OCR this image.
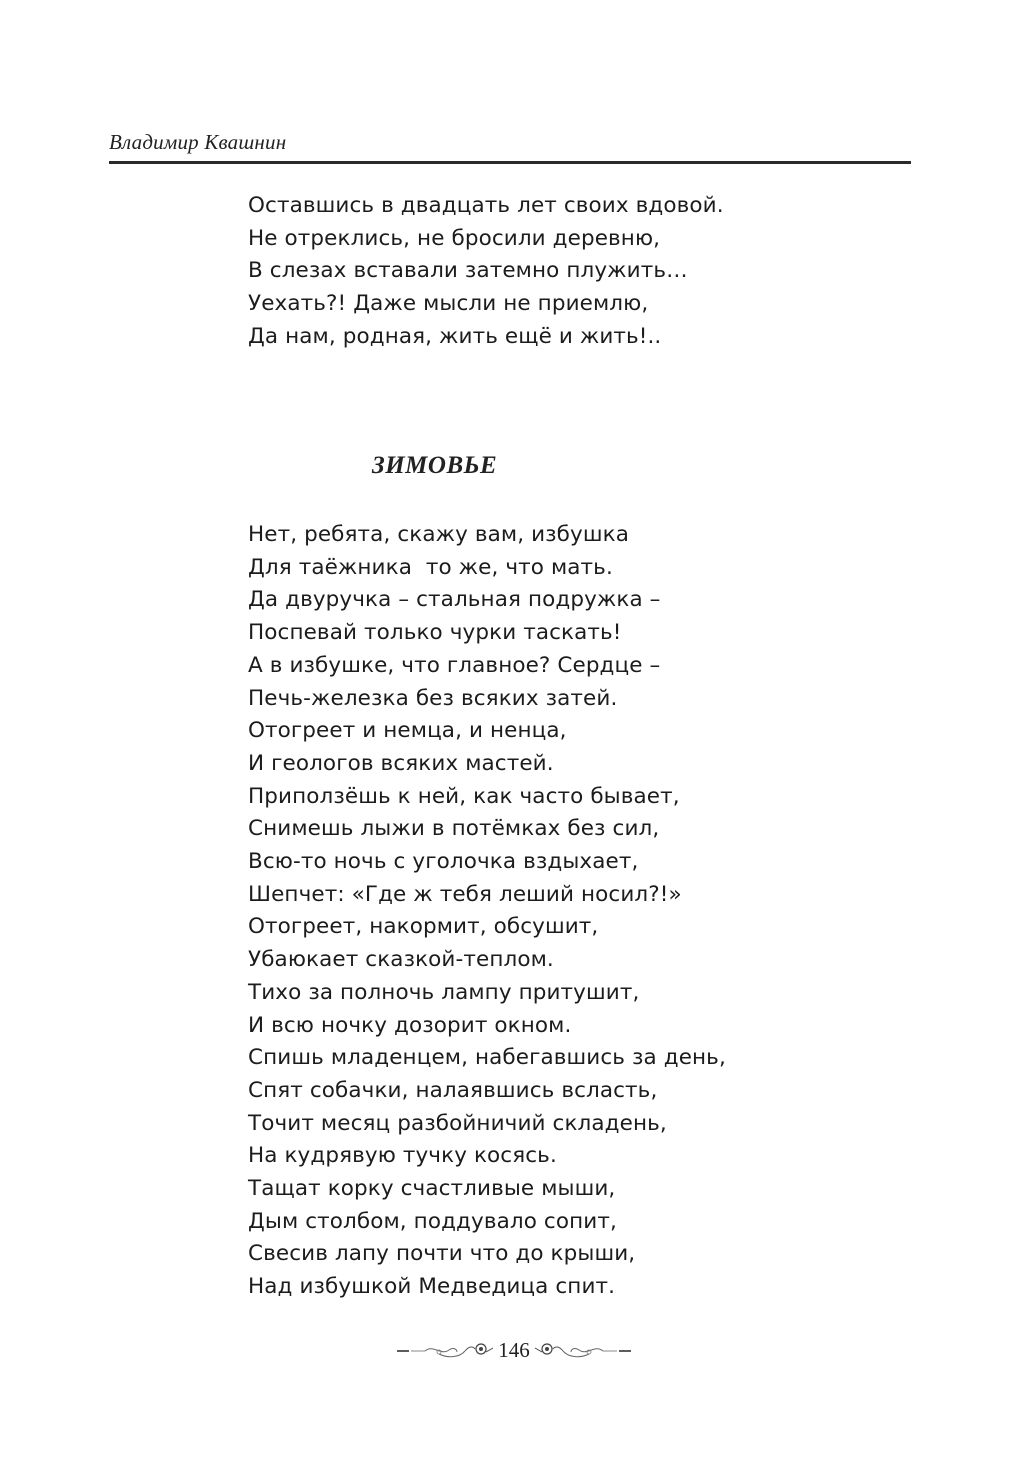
Владимир Квашнин
Оставшись в двадцать лет своих вдовой.
Не отреклись, не бросили деревню,
В слезах вставали затемно плужить…
Уехать?! Даже мысли не приемлю,
Да нам, родная, жить ещё и жить!..
ЗИМОВЬЕ
Нет, ребята, скажу вам, избушка
Для таёжника  то же, что мать.
Да двуручка – стальная подружка –
Поспевай только чурки таскать!
А в избушке, что главное? Сердце –
Печь-железка без всяких затей.
Отогреет и немца, и ненца,
И геологов всяких мастей.
Приползёшь к ней, как часто бывает,
Снимешь лыжи в потёмках без сил,
Всю-то ночь с уголочка вздыхает,
Шепчет: «Где ж тебя леший носил?!»
Отогреет, накормит, обсушит,
Убаюкает сказкой-теплом.
Тихо за полночь лампу притушит,
И всю ночку дозорит окном.
Спишь младенцем, набегавшись за день,
Спят собачки, налаявшись всласть,
Точит месяц разбойничий складень,
На кудрявую тучку косясь.
Тащат корку счастливые мыши,
Дым столбом, поддувало сопит,
Свесив лапу почти что до крыши,
Над избушкой Медведица спит.
146
